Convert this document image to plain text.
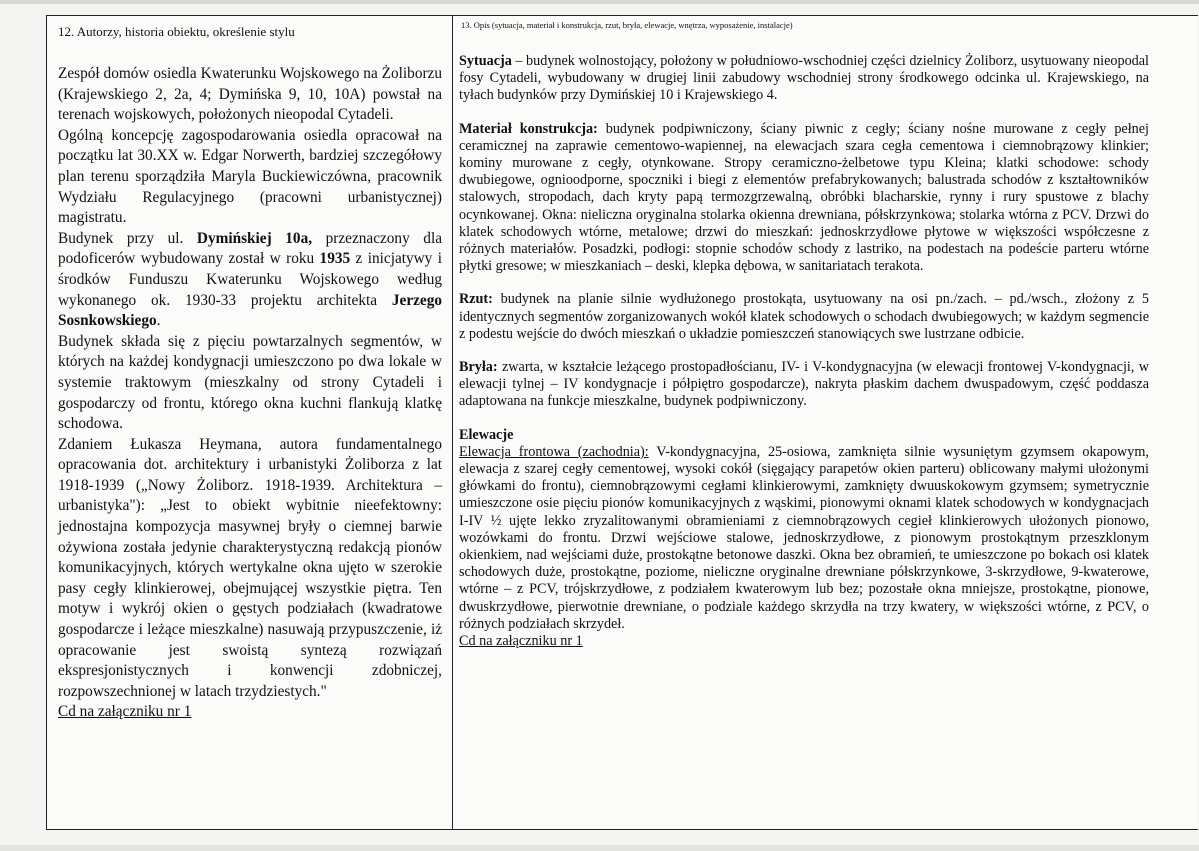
12. Autorzy, historia obiektu, określenie stylu

Zespół domów osiedla Kwaterunku Wojskowego na Żoliborzu (Krajewskiego 2, 2a, 4; Dymińska 9, 10, 10A) powstał na terenach wojskowych, położonych nieopodal Cytadeli.

Ogólną koncepcję zagospodarowania osiedla opracował na początku lat 30.XX w. Edgar Norwerth, bardziej szczegółowy plan terenu sporządziła Maryla Buckiewiczówna, pracownik Wydziału Regulacyjnego (pracowni urbanistycznej) magistratu.

Budynek przy ul. Dymińskiej 10a, przeznaczony dla podoficerów wybudowany został w roku 1935 z inicjatywy i środków Funduszu Kwaterunku Wojskowego według wykonanego ok. 1930-33 projektu architekta Jerzego Sosnkowskiego.

Budynek składa się z pięciu powtarzalnych segmentów, w których na każdej kondygnacji umieszczono po dwa lokale w systemie traktowym (mieszkalny od strony Cytadeli i gospodarczy od frontu, którego okna kuchni flankują klatkę schodowa.

Zdaniem Łukasza Heymana, autora fundamentalnego opracowania dot. architektury i urbanistyki Żoliborza z lat 1918-1939 („Nowy Żoliborz. 1918-1939. Architektura – urbanistyka"): „Jest to obiekt wybitnie nieefektowny: jednostajna kompozycja masywnej bryły o ciemnej barwie ożywiona została jedynie charakterystyczną redakcją pionów komunikacyjnych, których wertykalne okna ujęto w szerokie pasy cegły klinkierowej, obejmującej wszystkie piętra. Ten motyw i wykrój okien o gęstych podziałach (kwadratowe gospodarcze i leżące mieszkalne) nasuwają przypuszczenie, iż opracowanie jest swoistą syntezą rozwiązań ekspresjonistycznych i konwencji zdobniczej, rozpowszechnionej w latach trzydziestych."

Cd na załączniku nr 1

13. Opis (sytuacja, materiał i konstrukcja, rzut, bryła, elewacje, wnętrza, wyposażenie, instalacje)

Sytuacja – budynek wolnostojący, położony w południowo-wschodniej części dzielnicy Żoliborz, usytuowany nieopodal fosy Cytadeli, wybudowany w drugiej linii zabudowy wschodniej strony środkowego odcinka ul. Krajewskiego, na tyłach budynków przy Dymińskiej 10 i Krajewskiego 4.

Materiał konstrukcja: budynek podpiwniczony, ściany piwnic z cegły; ściany nośne murowane z cegły pełnej ceramicznej na zaprawie cementowo-wapiennej, na elewacjach szara cegła cementowa i ciemnobrązowy klinkier; kominy murowane z cegły, otynkowane. Stropy ceramiczno-żelbetowe typu Kleina; klatki schodowe: schody dwubiegowe, ognioodporne, spoczniki i biegi z elementów prefabrykowanych; balustrada schodów z kształtowników stalowych, stropodach, dach kryty papą termozgrzewalną, obróbki blacharskie, rynny i rury spustowe z blachy ocynkowanej. Okna: nieliczna oryginalna stolarka okienna drewniana, półskrzynkowa; stolarka wtórna z PCV. Drzwi do klatek schodowych wtórne, metalowe; drzwi do mieszkań: jednoskrzydłowe płytowe w większości współczesne z różnych materiałów. Posadzki, podłogi: stopnie schodów schody z lastriko, na podestach na podeście parteru wtórne płytki gresowe; w mieszkaniach – deski, klepka dębowa, w sanitariatach terakota.

Rzut: budynek na planie silnie wydłużonego prostokąta, usytuowany na osi pn./zach. – pd./wsch., złożony z 5 identycznych segmentów zorganizowanych wokół klatek schodowych o schodach dwubiegowych; w każdym segmencie z podestu wejście do dwóch mieszkań o układzie pomieszczeń stanowiących swe lustrzane odbicie.

Bryła: zwarta, w kształcie leżącego prostopadłościanu, IV- i V-kondygnacyjna (w elewacji frontowej V-kondygnacji, w elewacji tylnej – IV kondygnacje i półpiętro gospodarcze), nakryta płaskim dachem dwuspadowym, część poddasza adaptowana na funkcje mieszkalne, budynek podpiwniczony.

Elewacje

Elewacja frontowa (zachodnia): V-kondygnacyjna, 25-osiowa, zamknięta silnie wysuniętym gzymsem okapowym, elewacja z szarej cegły cementowej, wysoki cokół (sięgający parapetów okien parteru) oblicowany małymi ułożonymi główkami do frontu), ciemnobrązowymi cegłami klinkierowymi, zamknięty dwuuskokowym gzymsem; symetrycznie umieszczone osie pięciu pionów komunikacyjnych z wąskimi, pionowymi oknami klatek schodowych w kondygnacjach I-IV ½ ujęte lekko zryzalitowanymi obramieniami z ciemnobrązowych cegieł klinkierowych ułożonych pionowo, wozówkami do frontu. Drzwi wejściowe stalowe, jednoskrzydłowe, z pionowym prostokątnym przeszklonym okienkiem, nad wejściami duże, prostokątne betonowe daszki. Okna bez obramień, te umieszczone po bokach osi klatek schodowych duże, prostokątne, poziome, nieliczne oryginalne drewniane półskrzynkowe, 3-skrzydłowe, 9-kwaterowe, wtórne – z PCV, trójskrzydłowe, z podziałem kwaterowym lub bez; pozostałe okna mniejsze, prostokątne, pionowe, dwuskrzydłowe, pierwotnie drewniane, o podziale każdego skrzydła na trzy kwatery, w większości wtórne, z PCV, o różnych podziałach skrzydeł.

Cd na załączniku nr 1
